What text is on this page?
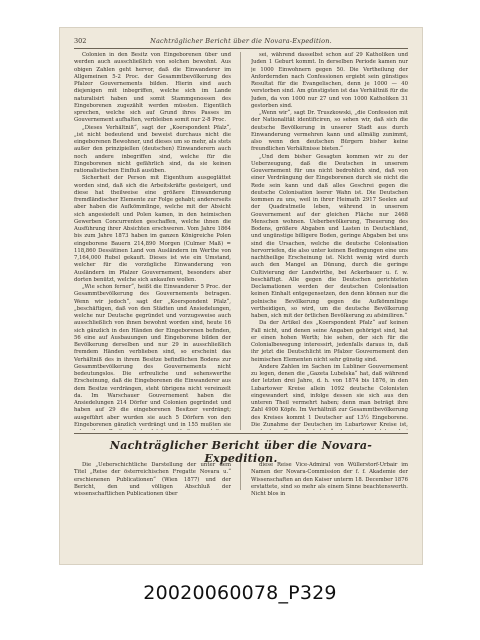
302	Nachträglicher Bericht über die Novara-Expedition.

Colonien in den Besitz von Eingeborenen über und werden auch ausschließlich von solchen bewohnt. Aus obigen Zahlen geht hervor, daß die Einwanderer im Allgemeinen 5‑2 Proc. der Gesammtbevölkerung des Pfalzer Gouvernements bilden. Hierin sind auch diejenigen mit inbegriffen, welche sich im Lande naturalisirt haben und somit Stammgenossen des Eingeborenen zugezählt werden müssten. Eigentlich sprechen, welche sich auf Grund ihres Passes im Gouvernement aufhalten, verbleiben somit nur 2‑8 Proc.

„Dieses Verhältniß“, sagt der „Koerspondent Pfalz“, „ist nicht bedeutend und beweist durchaus nicht die eingeborenen Bewohner, und dieses um so mehr, als stets außer den prinzipiellen (deutschen) Einwanderern auch noch andere inbegriffen sind, welche für die Eingeborenen nicht gefährlich sind, da sie keinen rationalistischen Einfluß ausüben.

Sicherheit der Person mit Eigenthum ausgeglättet worden sind, daß sich die Arbeitskräfte gesteigert, und diese hat theilweise eine größere Einwanderung fremdländischer Elemente zur Folge gehabt; andererseits aber haben die Aufkömmlinge, welche mit der Absicht sich angesiedelt und Polen kamen, in den heimischen Gewerben Concurrenten geschaffen, welche ihnen die Ausführung ihrer Absichten erschweren. Vom Jahre 1864 bis zum Jahre 1873 haben im ganzen Königreiche Polen eingeborene Bauern 214,890 Morgen (Culmer Maß) = 118,860 Dessätinen Land von Ausländern im Werthe von 7,164,000 Rubel gekauft. Dieses ist wie ein Umstand, welcher für die vorzügliche Einwanderung von Ausländern im Pfalzer Gouvernement, besonders aber dorten benützt, welche sich ankaufen wollen.

„Wie schon ferner“, heißt die Einwanderer 5 Proc. der Gesammtbevölkerung des Gouvernements betragen. Wenn wir jedoch“, sagt der „Koerspondent Pfalz“, „beschäftigen, daß von den Städten und Ansiedelungen, welche nur Deutsche gegründet und vorzugsweise auch ausschließlich von ihnen bewohnt worden sind, heute 16 sich gänzlich in den Händen der Eingeborenen befinden, 56 eine auf Ausbauungen und Eingeborene bilden der Bevölkerung derselben und nur 29 in ausschließlich fremdem Händen verblieben sind, so erscheint das Verhältniß des in ihrem Besitze befindlichen Bodens zur Gesammtbevölkerung des Gouvernements nicht bedeutungslos. Die erfreuliche und sehenswerthe Erscheinung, daß die Eingeborenen die Einwanderer aus dem Besitze verdrängen, steht übrigens nicht vereinzelt da. Im Warschauer Gouvernement haben die Ansiedelungen 214 Dörfer und Colonien gegründet und haben auf 29 die eingeborenen Besitzer verdrängt; ausgeführt aber wurden sie auch 5 Dörfern von den Eingeborenen gänzlich verdrängt und in 155 mußten sie

sei, während dasselbst schon auf 29 Katholiken und Juden 1 Geburt kommt. In derselben Periode kamen nur je 1000 Einwohnern gegen 50. Die Vertheilung der Anfordernden nach Confessionen ergiebt sein günstiges Resultat für die Evangelischen, denn je 1000 — 40 verstorben sind. Am günstigsten ist das Verhältniß für die Juden, da von 1000 nur 27 und von 1000 Katholiken 31 gestorben sind.

„Wenn wir“, sagt Dr. Truszkowski, „die Confession mit der Nationalität identificiren, so sehen wir, daß sich die deutsche Bevölkerung in unserer Stadt aus durch Einwanderung vermehren kann und allmälig zunimmt, also wenn den deutschen Bürgern bisher keine freundlichen Verhältnisse bieten.“

„Und dem bisher Gesagten kommen wir zu der Ueberzeugung, daß die Deutschen in unserem Gouvernement für uns nicht bedrohlich sind, daß von einer Verdrängung der Eingeborenen durch sie nicht die Rede sein kann und daß alles Geschrei gegen die deutsche Colonisation leerer Wahn ist. Die Deutschen kommen zu uns, weil in ihrer Heimath 2917 Seelen auf der Quadratmeile leben, während in unserem Gouvernement auf der gleichen Fläche nur 2468 Menschen wohnen. Ueberbevölkerung, Theuerung des Bodens, größere Abgaben und Lasten in Deutschland, und ungünstige billigere Boden, geringe Abgaben bei uns sind die Ursachen, welche die deutsche Colonisation hervorriefen, die also unter keinen Bedingungen eine uns nachtheilige Erscheinung ist. Nicht wenig wird durch auch den Mangel an Dünung, durch die geringe Cultivierung der Landwirthe, bei Ackerbauer u. f. w. beschäftigt. Alle gegen die Deutschen gerichteten Declamationen werden der deutschen Colonisation keinen Einhalt entgegensetzen, den denn können nur die polnische Bevölkerung gegen die Aufkömmlinge vertheidigen, so wird, um die deutsche Bevölkerung haben, sich mit der örtlichen Bevölkerung zu afsimiliren.“

Da der Artikel des „Koerspondent Pfalz“ auf keinen Fall nicht, und denen seine Angaben gehörigst sind, hat er einen hohen Werth; hie sehen, der sich für die Colonialbewegung interessirt, jedenfalls daraus in, daß ihr jetzt die Deutschlicht im Pfalzer Gouvernement den heimischen Elementen nicht sehr günstig sind.

Andere Zahlen im Sachen im Lubliner Gouvernement zu legen, denen die „Gazeta Lubelska“ hat, daß während der letzten drei Jahre, d. h. von 1874 bis 1876, in den Lubartower Kreise allein 1092 deutsche Colonisten eingewandert sind, infolge dessen sie sich aus den unteren Theil vermehrt haben; denn man beträgt ihre Zahl 4900 Köpfe. Im Verhältniß zur Gesammtbevölkerung des Kreises kommt 1 Deutscher auf 13½ Eingeborene. Die Zunahme der Deutschen im Lubartower Kreise ist,

Nachträglicher Bericht über die Novara-Expedition.

Die „Ueberschichtliche Darstellung der unter dem Titel „Reise der österreichischen Fregatte Novara u.“ erschienenen Publicationen“ (Wien 1877) und der Bericht, den und völligen Abschluß der wissenschaftlichen Publicationen über

diese Reise Vice-Admiral von Wüllerstorf-Urbair im Namen der Novara-Commission der f. f. Akademie der Wissenschaften an den Kaiser unterm 18. December 1876 erstattete, sind so mehr als einem Sinne beachtenswerth. Nicht blos in

20020060078_P329
